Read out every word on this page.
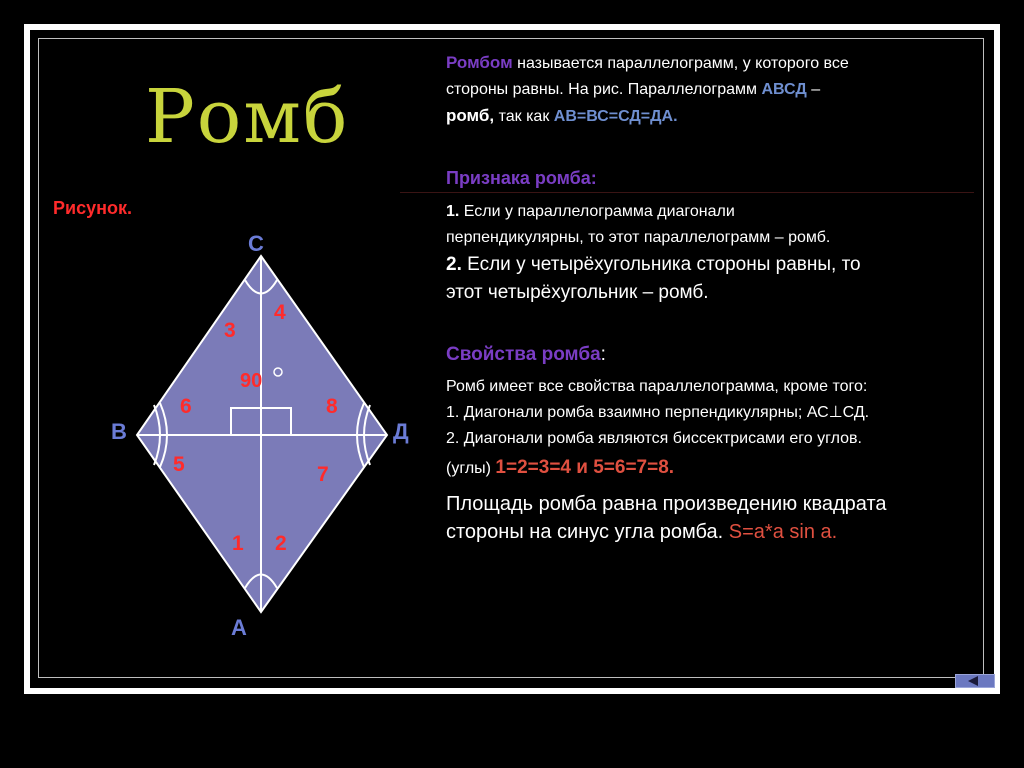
Ромб
Рисунок.
С
В	Д
А
3
4
6	8
5	7
1 2
90

Ромбом называется параллелограмм, у которого все

стороны равны. На рис. Параллелограмм АВСД –

ромб, так как АВ=ВС=СД=ДА.

Признака ромба:

1. Если у параллелограмма диагонали

перпендикулярны, то этот параллелограмм – ромб.

2. Если у четырёхугольника стороны равны, то

этот четырёхугольник – ромб.

Свойства ромба:

Ромб имеет все свойства параллелограмма, кроме того:

1. Диагонали ромба взаимно перпендикулярны; АС⊥СД.

2. Диагонали ромба являются биссектрисами его углов.

(углы) 1=2=3=4 и 5=6=7=8.

Площадь ромба равна произведению квадрата

стороны на синус угла ромба. S=a*a sin a.
